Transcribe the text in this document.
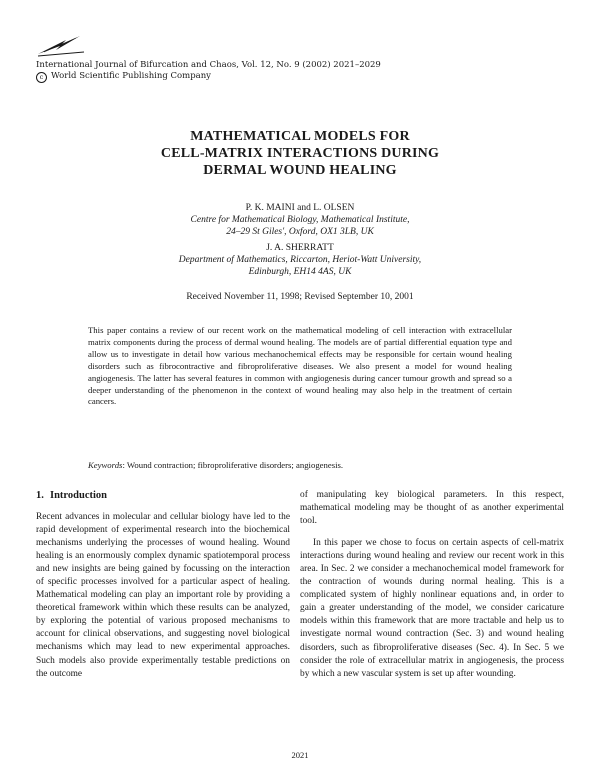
International Journal of Bifurcation and Chaos, Vol. 12, No. 9 (2002) 2021–2029
c World Scientific Publishing Company
MATHEMATICAL MODELS FOR
CELL-MATRIX INTERACTIONS DURING
DERMAL WOUND HEALING
P. K. MAINI and L. OLSEN
Centre for Mathematical Biology, Mathematical Institute,
24–29 St Giles', Oxford, OX1 3LB, UK
J. A. SHERRATT
Department of Mathematics, Riccarton, Heriot-Watt University,
Edinburgh, EH14 4AS, UK
Received November 11, 1998; Revised September 10, 2001
This paper contains a review of our recent work on the mathematical modeling of cell interaction with extracellular matrix components during the process of dermal wound healing. The models are of partial differential equation type and allow us to investigate in detail how various mechanochemical effects may be responsible for certain wound healing disorders such as fibrocontractive and fibroproliferative diseases. We also present a model for wound healing angiogenesis. The latter has several features in common with angiogenesis during cancer tumour growth and spread so a deeper understanding of the phenomenon in the context of wound healing may also help in the treatment of certain cancers.
Keywords: Wound contraction; fibroproliferative disorders; angiogenesis.
1. Introduction

Recent advances in molecular and cellular biology have led to the rapid development of experimental research into the biochemical mechanisms underlying the processes of wound healing. Wound healing is an enormously complex dynamic spatiotemporal process and new insights are being gained by focussing on the interaction of specific processes involved for a particular aspect of healing. Mathematical modeling can play an important role by providing a theoretical framework within which these results can be analyzed, by exploring the potential of various proposed mechanisms to account for clinical observations, and suggesting novel biological mechanisms which may lead to new experimental approaches. Such models also provide experimentally testable predictions on the outcome

of manipulating key biological parameters. In this respect, mathematical modeling may be thought of as another experimental tool.

In this paper we chose to focus on certain aspects of cell-matrix interactions during wound healing and review our recent work in this area. In Sec. 2 we consider a mechanochemical model framework for the contraction of wounds during normal healing. This is a complicated system of highly nonlinear equations and, in order to gain a greater understanding of the model, we consider caricature models within this framework that are more tractable and help us to investigate normal wound contraction (Sec. 3) and wound healing disorders, such as fibroproliferative diseases (Sec. 4). In Sec. 5 we consider the role of extracellular matrix in angiogenesis, the process by which a new vascular system is set up after wounding.

2021
